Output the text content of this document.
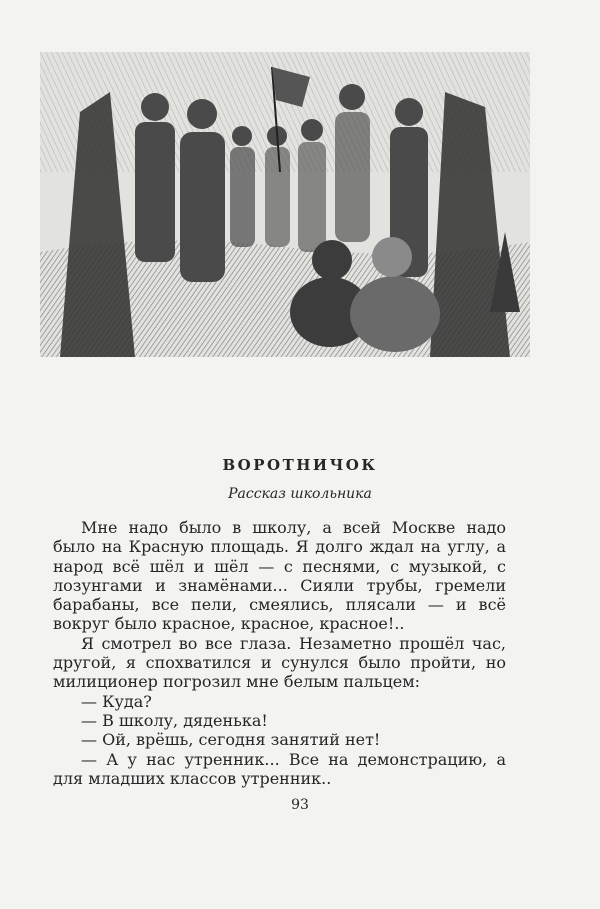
ВОРОТНИЧОК
Рассказ школьника

Мне надо было в школу, а всей Москве надо было на Красную площадь. Я долго ждал на углу, а народ всё шёл и шёл — с песнями, с музыкой, с лозунгами и знамёнами... Сияли трубы, гремели барабаны, все пели, смеялись, плясали — и всё вокруг было красное, красное, красное!..

Я смотрел во все глаза. Незаметно прошёл час, другой, я спохватился и сунулся было пройти, но милиционер погрозил мне белым пальцем:

— Куда?

— В школу, дяденька!

— Ой, врёшь, сегодня занятий нет!

— А у нас утренник... Все на демонстрацию, а для младших классов утренник..

93
